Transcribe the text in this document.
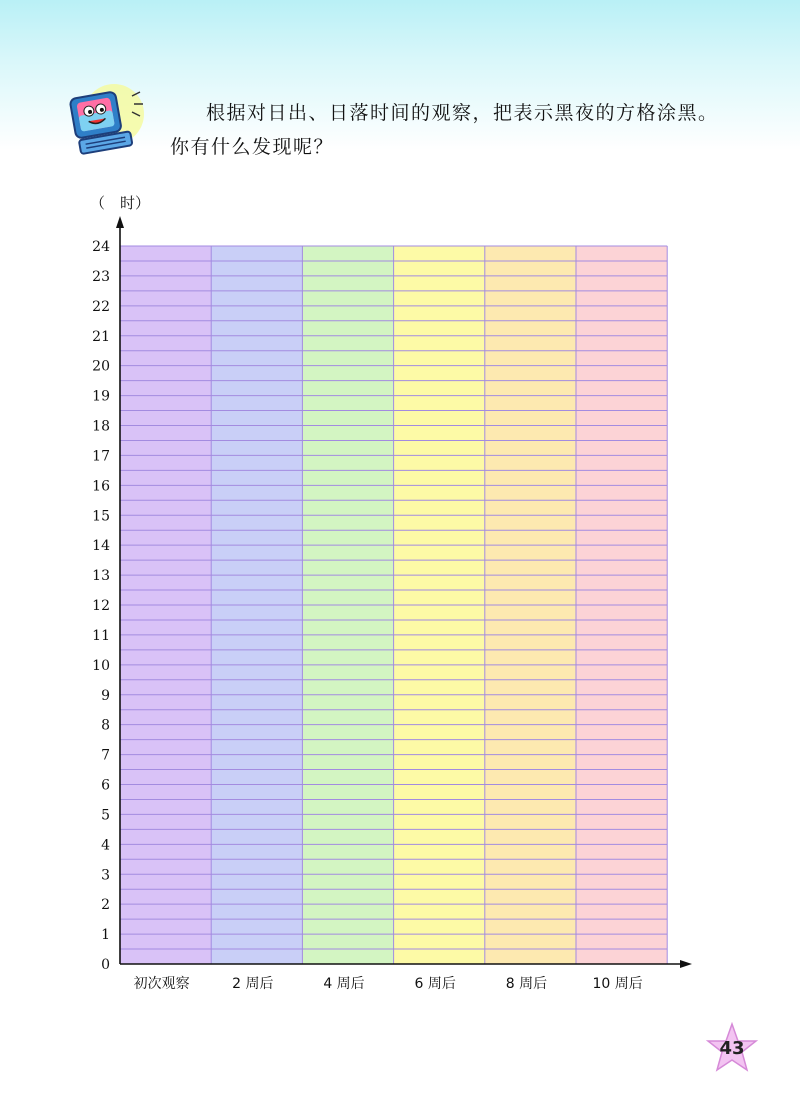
根据对日出、日落时间的观察，把表示黑夜的方格涂黑。
你有什么发现呢？
0
1
2
3
4
5
6
7
8
9
10
11
12
13
14
15
16
17
18
19
20
21
22
23
24
（　时）
初次观察	2 周后	4 周后	6 周后	8 周后	10 周后
43
